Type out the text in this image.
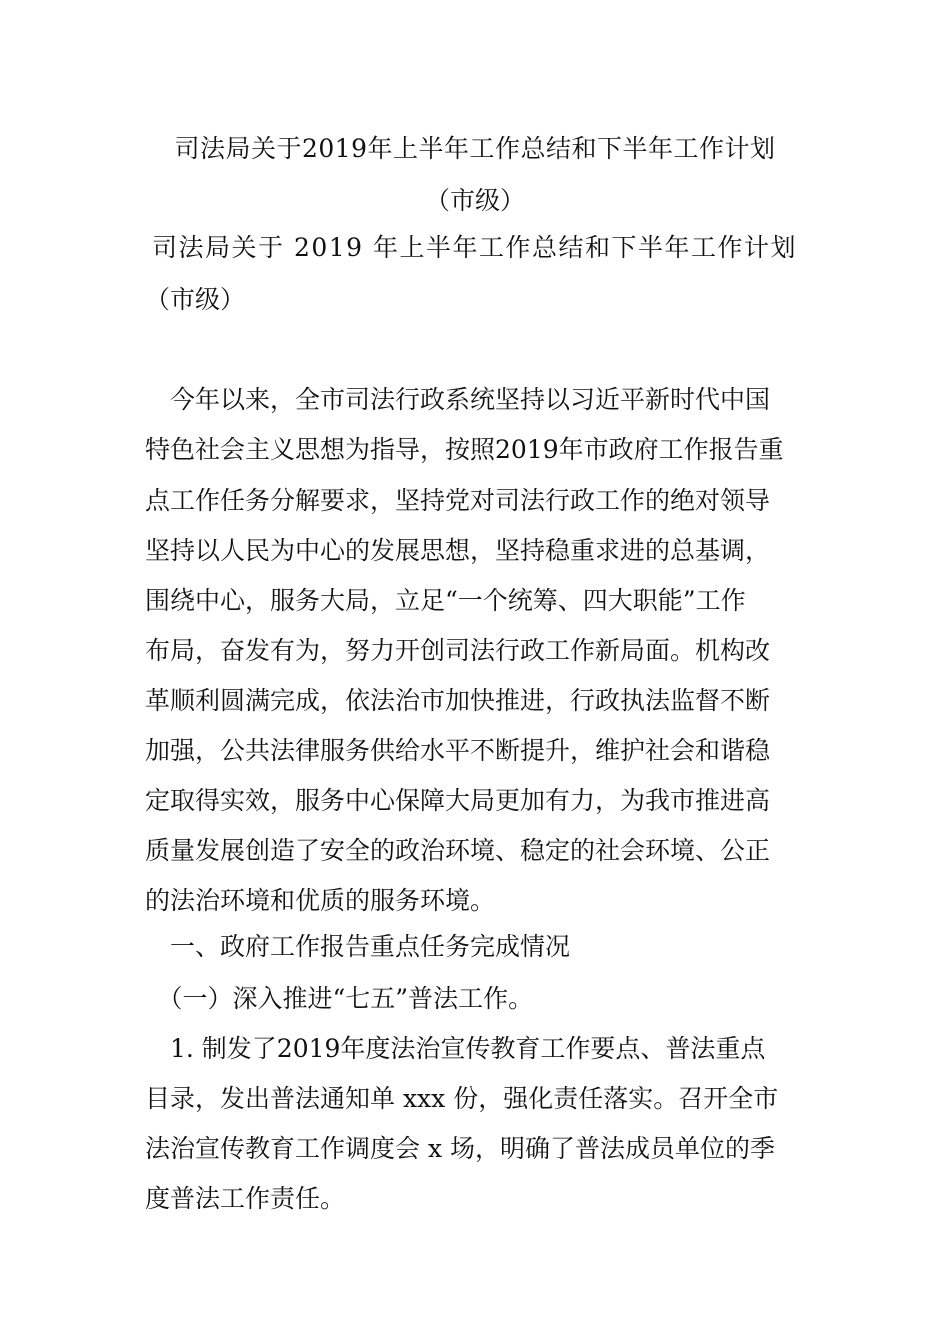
司法局关于2019年上半年工作总结和下半年工作计划
（市级）
司法局关于 2019 年上半年工作总结和下半年工作计划
（市级）
　今年以来，全市司法行政系统坚持以习近平新时代中国
特色社会主义思想为指导，按照2019年市政府工作报告重
点工作任务分解要求，坚持党对司法行政工作的绝对领导
坚持以人民为中心的发展思想，坚持稳重求进的总基调，
围绕中心，服务大局，立足“一个统筹、四大职能”工作
布局，奋发有为，努力开创司法行政工作新局面。机构改
革顺利圆满完成，依法治市加快推进，行政执法监督不断
加强，公共法律服务供给水平不断提升，维护社会和谐稳
定取得实效，服务中心保障大局更加有力，为我市推进高
质量发展创造了安全的政治环境、稳定的社会环境、公正
的法治环境和优质的服务环境。
　一、政府工作报告重点任务完成情况
　（一）深入推进“七五”普法工作。
　1. 制发了2019年度法治宣传教育工作要点、普法重点
目录，发出普法通知单 xxx 份，强化责任落实。召开全市
法治宣传教育工作调度会 x 场，明确了普法成员单位的季
度普法工作责任。
